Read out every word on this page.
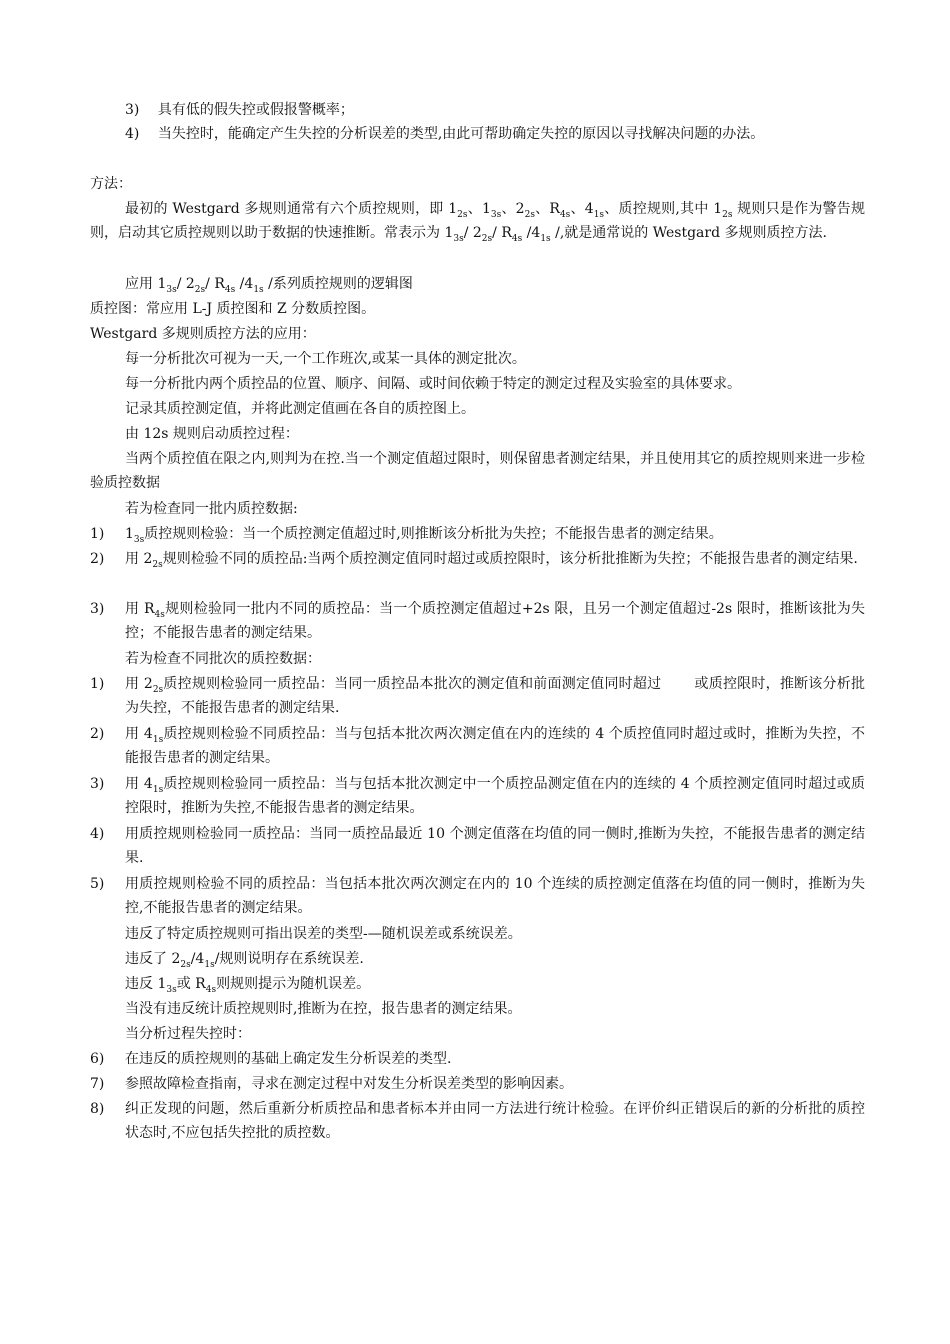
3)　 具有低的假失控或假报警概率；
4)　 当失控时，能确定产生失控的分析误差的类型,由此可帮助确定失控的原因以寻找解决问题的办法。
方法：
最初的 Westgard 多规则通常有六个质控规则，即 $1_{2s}$、$1_{3s}$、$2_{2s}$、$R_{4s}$、$4_{1s}$、质控规则,其中 $1_{2s}$ 规则只是作为警告规则，启动其它质控规则以助于数据的快速推断。常表示为 $1_{3s}/$ $2_{2s}/$ $R_{4s}$ $/4_{1s}$ /,就是通常说的 Westgard 多规则质控方法.
应用 $1_{3s}/$ $2_{2s}/$ $R_{4s}$ $/4_{1s}$ /系列质控规则的逻辑图
质控图：常应用 L-J 质控图和 Z 分数质控图。
Westgard 多规则质控方法的应用：
每一分析批次可视为一天,一个工作班次,或某一具体的测定批次。
每一分析批内两个质控品的位置、顺序、间隔、或时间依赖于特定的测定过程及实验室的具体要求。
记录其质控测定值，并将此测定值画在各自的质控图上。
由 12s 规则启动质控过程：
当两个质控值在限之内,则判为在控.当一个测定值超过限时，则保留患者测定结果，并且使用其它的质控规则来进一步检验质控数据
若为检查同一批内质控数据:
1)	$1_{3s}$质控规则检验：当一个质控测定值超过时,则推断该分析批为失控；不能报告患者的测定结果。
2)	用 $2_{2s}$规则检验不同的质控品:当两个质控测定值同时超过或质控限时，该分析批推断为失控；不能报告患者的测定结果.
3)	用 $R_{4s}$规则检验同一批内不同的质控品：当一个质控测定值超过+2s 限，且另一个测定值超过-2s 限时，推断该批为失控；不能报告患者的测定结果。
若为检查不同批次的质控数据：
1)	用 $2_{2s}$质控规则检验同一质控品：当同一质控品本批次的测定值和前面测定值同时超过　　 或质控限时，推断该分析批为失控，不能报告患者的测定结果.
2)	用 $4_{1s}$质控规则检验不同质控品：当与包括本批次两次测定值在内的连续的 4 个质控值同时超过或时，推断为失控，不能报告患者的测定结果。
3)	用 $4_{1s}$质控规则检验同一质控品：当与包括本批次测定中一个质控品测定值在内的连续的 4 个质控测定值同时超过或质控限时，推断为失控,不能报告患者的测定结果。
4)	用质控规则检验同一质控品：当同一质控品最近 10 个测定值落在均值的同一侧时,推断为失控，不能报告患者的测定结果.
5)	用质控规则检验不同的质控品：当包括本批次两次测定在内的 10 个连续的质控测定值落在均值的同一侧时，推断为失控,不能报告患者的测定结果。
违反了特定质控规则可指出误差的类型-—随机误差或系统误差。
违反了 $2_{2s}/4_{1s}/$规则说明存在系统误差.
违反 $1_{3s}$或 $R_{4s}$则规则提示为随机误差。
当没有违反统计质控规则时,推断为在控，报告患者的测定结果。
当分析过程失控时：
6)	在违反的质控规则的基础上确定发生分析误差的类型.
7)	参照故障检查指南，寻求在测定过程中对发生分析误差类型的影响因素。
8)	纠正发现的问题，然后重新分析质控品和患者标本并由同一方法进行统计检验。在评价纠正错误后的新的分析批的质控状态时,不应包括失控批的质控数。
